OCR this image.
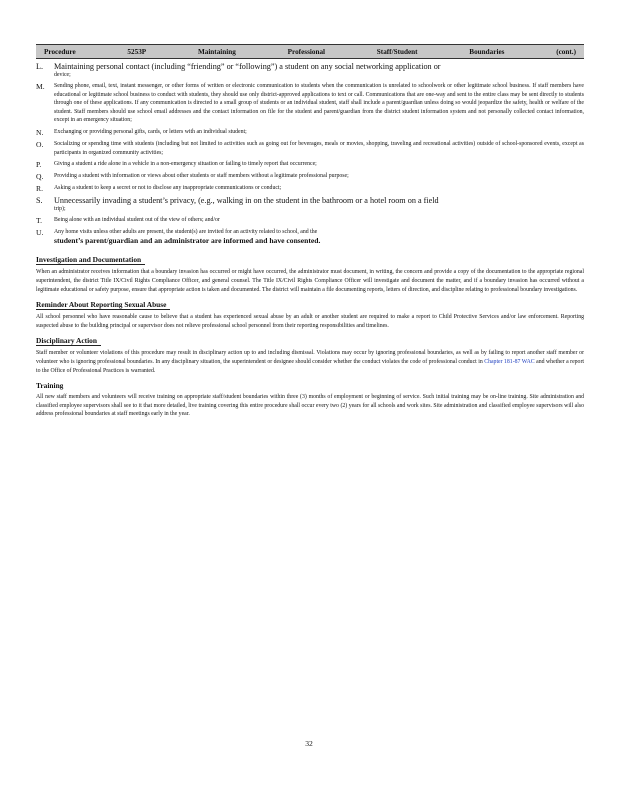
Procedure	5253P	Maintaining	Professional	Staff/Student	Boundaries	(cont.)
L.	Maintaining personal contact (including “friending” or “following”) a student on any social networking application or
device;
M.	Sending phone, email, text, instant messenger, or other forms of written or electronic communication to students when the communication is unrelated to schoolwork or other legitimate school business. If staff members have educational or legitimate school business to conduct with students, they should use only district-approved applications to text or call. Communications that are one-way and sent to the entire class may be sent directly to students through one of these applications. If any communication is directed to a small group of students or an individual student, staff shall include a parent/guardian unless doing so would jeopardize the safety, health or welfare of the student. Staff members should use school email addresses and the contact information on file for the student and parent/guardian from the district student information system and not personally collected contact information, except in an emergency situation;
N.	Exchanging or providing personal gifts, cards, or letters with an individual student;
O.	Socializing or spending time with students (including but not limited to activities such as going out for beverages, meals or movies, shopping, traveling and recreational activities) outside of school-sponsored events, except as participants in organized community activities;
P.	Giving a student a ride alone in a vehicle in a non-emergency situation or failing to timely report that occurrence;
Q.	Providing a student with information or views about other students or staff members without a legitimate professional purpose;
R.	Asking a student to keep a secret or not to disclose any inappropriate communications or conduct;
S.	Unnecessarily invading a student’s privacy, (e.g., walking in on the student in the bathroom or a hotel room on a field
trip);
T.	Being alone with an individual student out of the view of others; and/or
U.	Any home visits unless other adults are present, the student(s) are invited for an activity related to school, and the
student’s parent/guardian and an administrator are informed and have consented.
Investigation and Documentation
When an administrator receives information that a boundary invasion has occurred or might have occurred, the administrator must document, in writing, the concern and provide a copy of the documentation to the appropriate regional superintendent, the district Title IX/Civil Rights Compliance Officer, and general counsel. The Title IX/Civil Rights Compliance Officer will investigate and document the matter, and if a boundary invasion has occurred without a legitimate educational or safety purpose, ensure that appropriate action is taken and documented. The district will maintain a file documenting reports, letters of direction, and discipline relating to professional boundary investigations.
Reminder About Reporting Sexual Abuse
All school personnel who have reasonable cause to believe that a student has experienced sexual abuse by an adult or another student are required to make a report to Child Protective Services and/or law enforcement. Reporting suspected abuse to the building principal or supervisor does not relieve professional school personnel from their reporting responsibilities and timelines.
Disciplinary Action
Staff member or volunteer violations of this procedure may result in disciplinary action up to and including dismissal. Violations may occur by ignoring professional boundaries, as well as by failing to report another staff member or volunteer who is ignoring professional boundaries. In any disciplinary situation, the superintendent or designee should consider whether the conduct violates the code of professional conduct in Chapter 181-87 WAC and whether a report to the Office of Professional Practices is warranted.
Training
All new staff members and volunteers will receive training on appropriate staff/student boundaries within three (3) months of employment or beginning of service. Such initial training may be on-line training. Site administration and classified employee supervisors shall see to it that more detailed, live training covering this entire procedure shall occur every two (2) years for all schools and work sites. Site administration and classified employee supervisors will also address professional boundaries at staff meetings early in the year.
32
